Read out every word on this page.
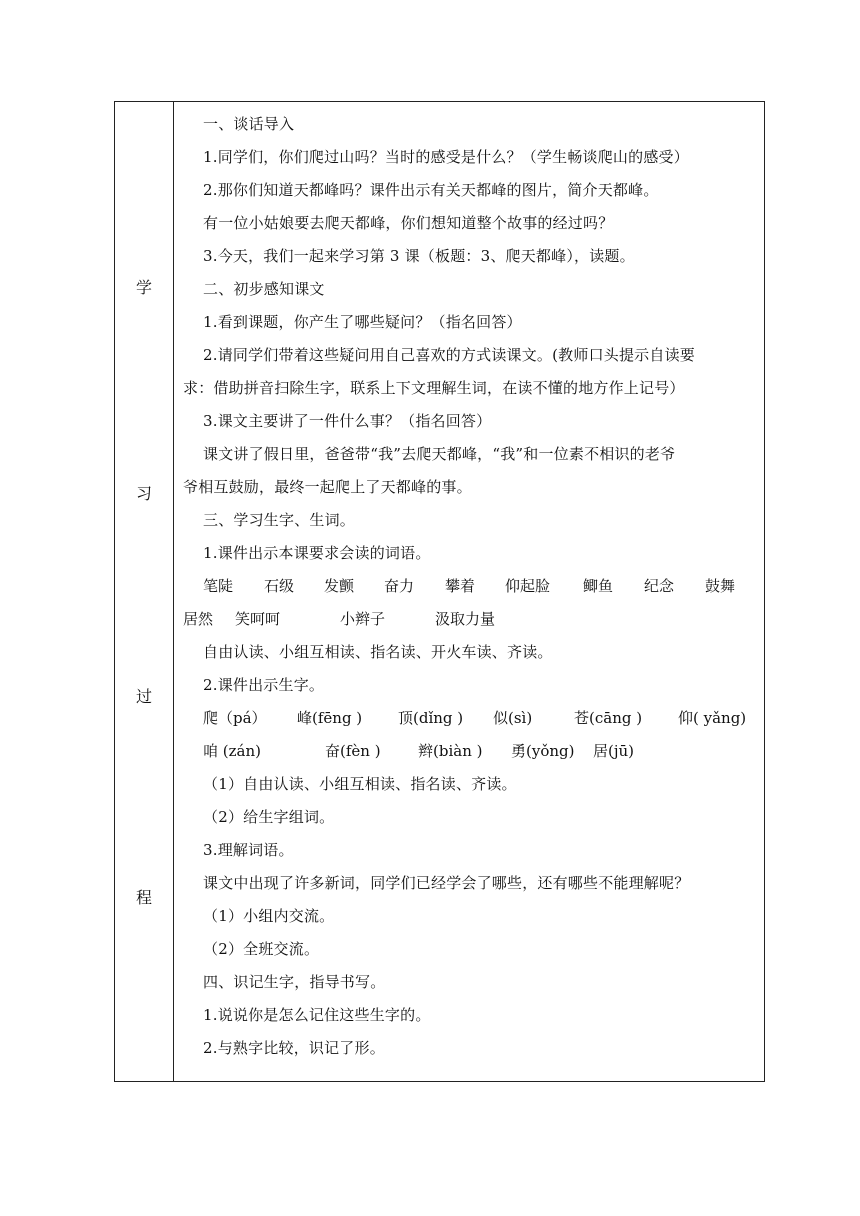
学
习
过
程
一、谈话导入
1.同学们，你们爬过山吗？当时的感受是什么？（学生畅谈爬山的感受）
2.那你们知道天都峰吗？课件出示有关天都峰的图片，简介天都峰。
有一位小姑娘要去爬天都峰，你们想知道整个故事的经过吗？
3.今天，我们一起来学习第 3 课（板题：3、爬天都峰），读题。
二、初步感知课文
1.看到课题，你产生了哪些疑问？（指名回答）
2.请同学们带着这些疑问用自己喜欢的方式读课文。(教师口头提示自读要
求：借助拼音扫除生字，联系上下文理解生词，在读不懂的地方作上记号）
3.课文主要讲了一件什么事？（指名回答）
课文讲了假日里，爸爸带“我”去爬天都峰，“我”和一位素不相识的老爷
爷相互鼓励，最终一起爬上了天都峰的事。
三、学习生字、生词。
1.课件出示本课要求会读的词语。
笔陡 石级 发颤 奋力 攀着 仰起脸 鲫鱼 纪念 鼓舞
居然 笑呵呵	小辫子	汲取力量
自由认读、小组互相读、指名读、开火车读、齐读。
2.课件出示生字。
爬（pá） 峰(fēng ) 顶(dǐng ) 似(sì)	苍(cāng ) 仰( yǎng)
咱 (zán)	奋(fèn ) 辫(biàn ) 勇(yǒng) 居(jū)
（1）自由认读、小组互相读、指名读、齐读。
（2）给生字组词。
3.理解词语。
课文中出现了许多新词，同学们已经学会了哪些，还有哪些不能理解呢？
（1）小组内交流。
（2）全班交流。
四、识记生字，指导书写。
1.说说你是怎么记住这些生字的。
2.与熟字比较，识记了形。
